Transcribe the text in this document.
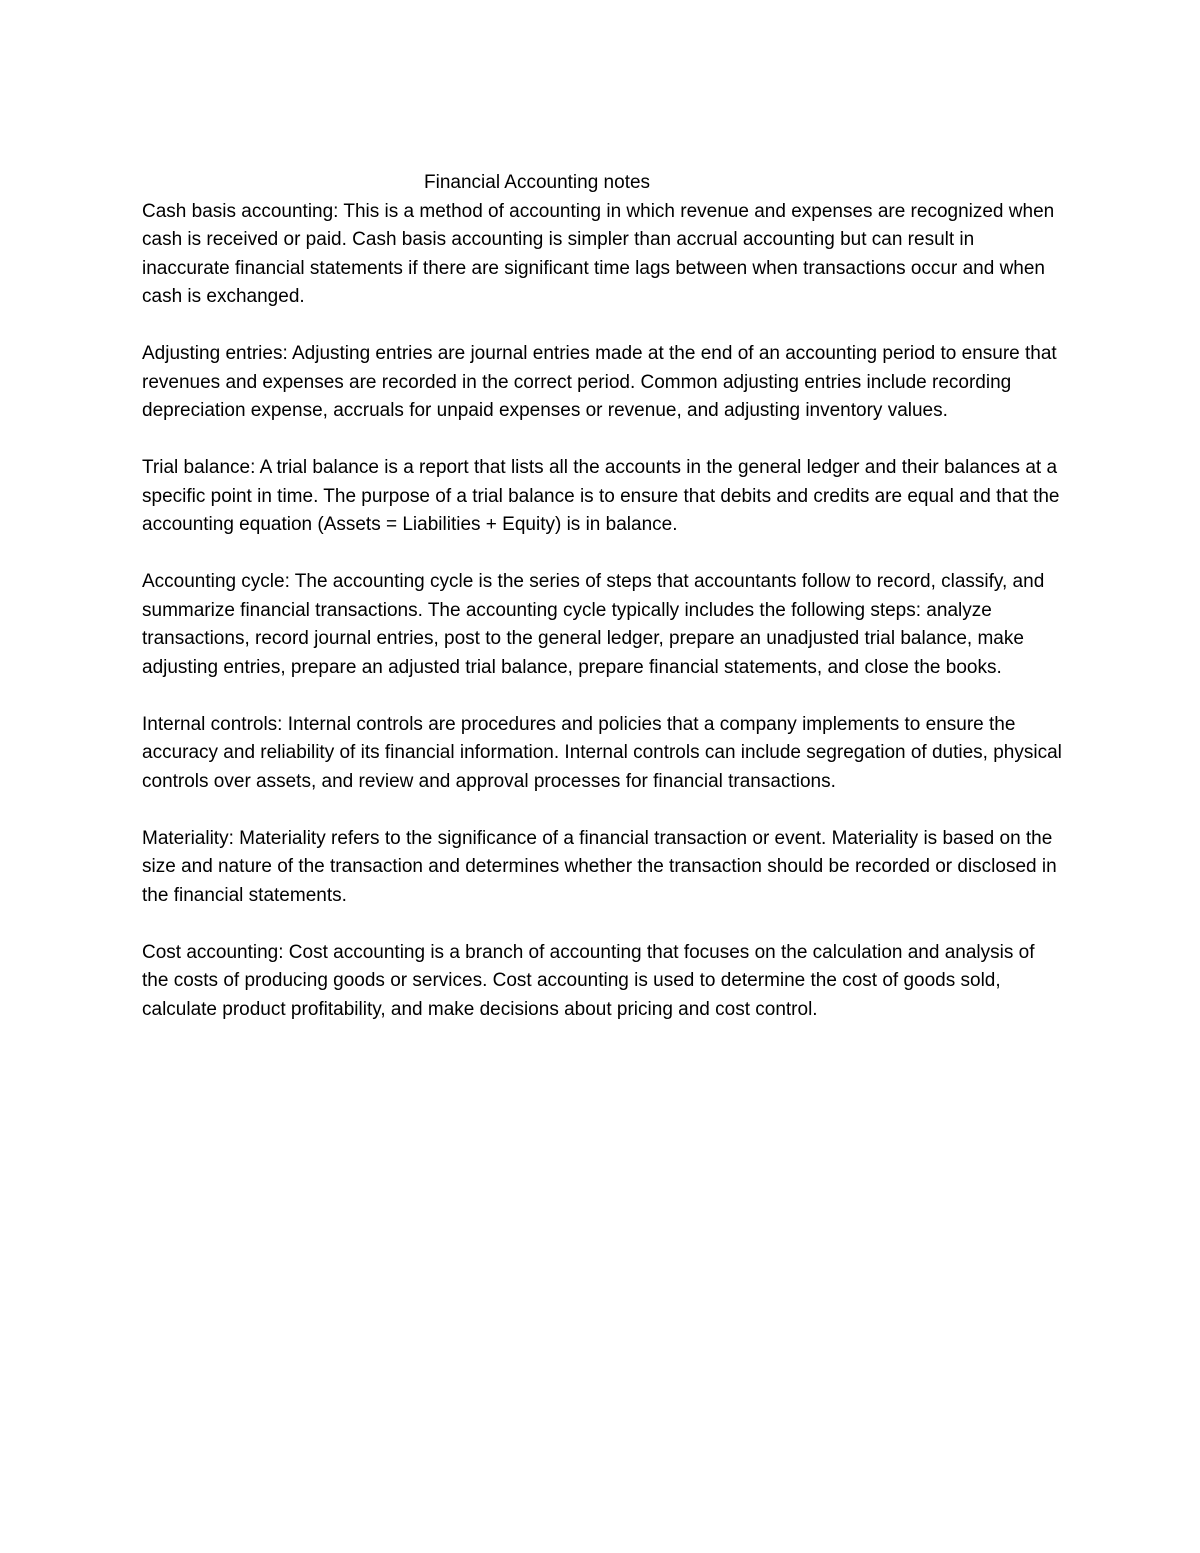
Financial Accounting notes

Cash basis accounting: This is a method of accounting in which revenue and expenses are recognized when cash is received or paid. Cash basis accounting is simpler than accrual accounting but can result in inaccurate financial statements if there are significant time lags between when transactions occur and when cash is exchanged.

Adjusting entries: Adjusting entries are journal entries made at the end of an accounting period to ensure that revenues and expenses are recorded in the correct period. Common adjusting entries include recording depreciation expense, accruals for unpaid expenses or revenue, and adjusting inventory values.

Trial balance: A trial balance is a report that lists all the accounts in the general ledger and their balances at a specific point in time. The purpose of a trial balance is to ensure that debits and credits are equal and that the accounting equation (Assets = Liabilities + Equity) is in balance.

Accounting cycle: The accounting cycle is the series of steps that accountants follow to record, classify, and summarize financial transactions. The accounting cycle typically includes the following steps: analyze transactions, record journal entries, post to the general ledger, prepare an unadjusted trial balance, make adjusting entries, prepare an adjusted trial balance, prepare financial statements, and close the books.

Internal controls: Internal controls are procedures and policies that a company implements to ensure the accuracy and reliability of its financial information. Internal controls can include segregation of duties, physical controls over assets, and review and approval processes for financial transactions.

Materiality: Materiality refers to the significance of a financial transaction or event. Materiality is based on the size and nature of the transaction and determines whether the transaction should be recorded or disclosed in the financial statements.

Cost accounting: Cost accounting is a branch of accounting that focuses on the calculation and analysis of the costs of producing goods or services. Cost accounting is used to determine the cost of goods sold, calculate product profitability, and make decisions about pricing and cost control.
